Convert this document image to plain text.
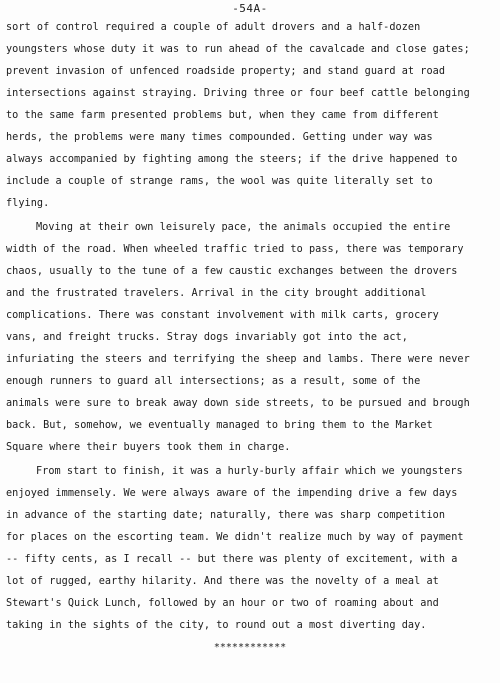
-54A-
sort of control required a couple of adult drovers and a half-dozen
youngsters whose duty it was to run ahead of the cavalcade and close gates;
prevent invasion of unfenced roadside property; and stand guard at road
intersections against straying. Driving three or four beef cattle belonging
to the same farm presented problems but, when they came from different
herds, the problems were many times compounded. Getting under way was
always accompanied by fighting among the steers; if the drive happened to
include a couple of strange rams, the wool was quite literally set to
flying.
Moving at their own leisurely pace, the animals occupied the entire
width of the road. When wheeled traffic tried to pass, there was temporary
chaos, usually to the tune of a few caustic exchanges between the drovers
and the frustrated travelers. Arrival in the city brought additional
complications. There was constant involvement with milk carts, grocery
vans, and freight trucks. Stray dogs invariably got into the act,
infuriating the steers and terrifying the sheep and lambs. There were never
enough runners to guard all intersections; as a result, some of the
animals were sure to break away down side streets, to be pursued and brough
back. But, somehow, we eventually managed to bring them to the Market
Square where their buyers took them in charge.
From start to finish, it was a hurly-burly affair which we youngsters
enjoyed immensely. We were always aware of the impending drive a few days
in advance of the starting date; naturally, there was sharp competition
for places on the escorting team. We didn't realize much by way of payment
-- fifty cents, as I recall -- but there was plenty of excitement, with a
lot of rugged, earthy hilarity. And there was the novelty of a meal at
Stewart's Quick Lunch, followed by an hour or two of roaming about and
taking in the sights of the city, to round out a most diverting day.
************
